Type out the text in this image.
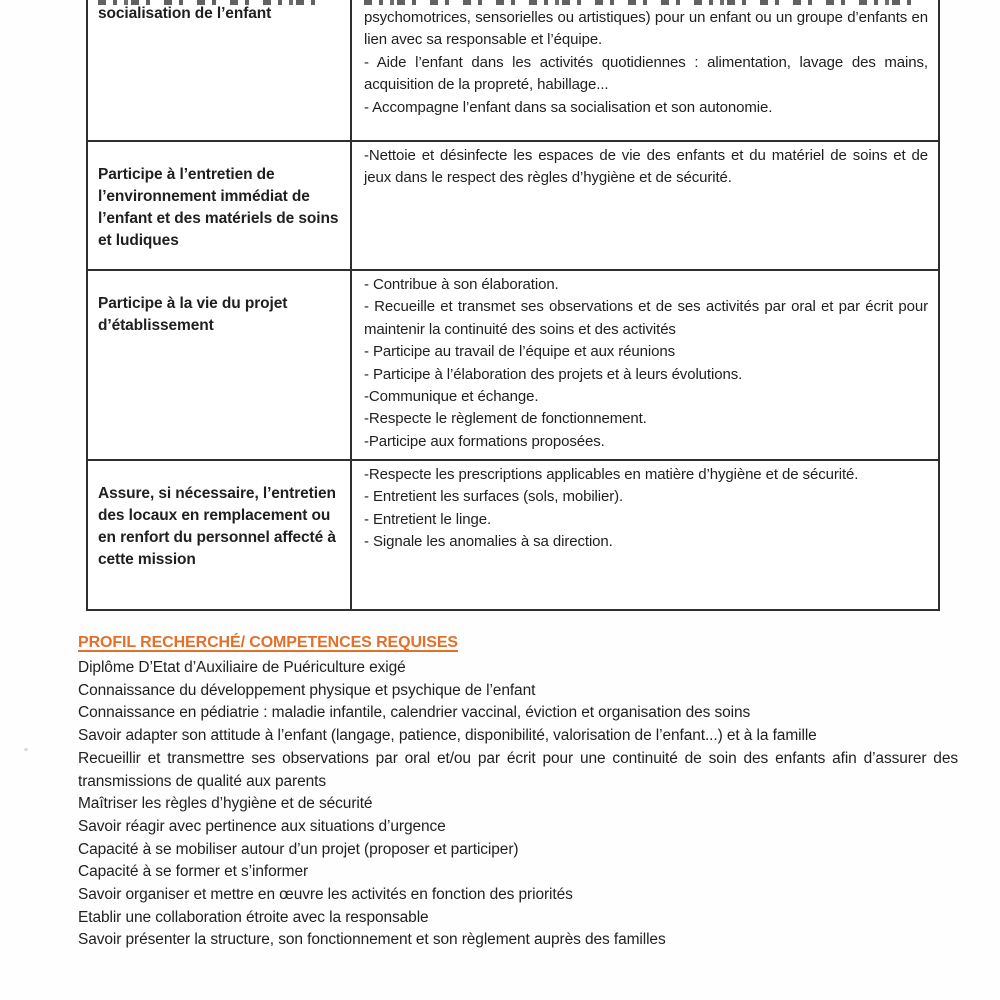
socialisation de l’enfant	psychomotrices, sensorielles ou artistiques) pour un enfant ou un groupe d’enfants en lien avec sa responsable et l’équipe.

- Aide l’enfant dans les activités quotidiennes : alimentation, lavage des mains, acquisition de la propreté, habillage...

- Accompagne l’enfant dans sa socialisation et son autonomie.

Participe à l’entretien de l’environnement immédiat de l’enfant et des matériels de soins et ludiques

-Nettoie et désinfecte les espaces de vie des enfants et du matériel de soins et de jeux dans le respect des règles d’hygiène et de sécurité.

Participe à la vie du projet d’établissement

- Contribue à son élaboration.

- Recueille et transmet ses observations et de ses activités par oral et par écrit pour maintenir la continuité des soins et des activités

- Participe au travail de l’équipe et aux réunions

- Participe à l’élaboration des projets et à leurs évolutions.

-Communique et échange.

-Respecte le règlement de fonctionnement.

-Participe aux formations proposées.

Assure, si nécessaire, l’entretien des locaux en remplacement ou en renfort du personnel affecté à cette mission

-Respecte les prescriptions applicables en matière d’hygiène et de sécurité.

- Entretient les surfaces (sols, mobilier).

- Entretient le linge.

- Signale les anomalies à sa direction.

PROFIL RECHERCHÉ/ COMPETENCES REQUISES

Diplôme D’Etat d’Auxiliaire de Puériculture exigé

Connaissance du développement physique et psychique de l’enfant

Connaissance en pédiatrie : maladie infantile, calendrier vaccinal, éviction et organisation des soins

Savoir adapter son attitude à l’enfant (langage, patience, disponibilité, valorisation de l’enfant...) et à la famille

Recueillir et transmettre ses observations par oral et/ou par écrit pour une continuité de soin des enfants afin d’assurer des transmissions de qualité aux parents

Maîtriser les règles d’hygiène et de sécurité

Savoir réagir avec pertinence aux situations d’urgence

Capacité à se mobiliser autour d’un projet (proposer et participer)

Capacité à se former et s’informer

Savoir organiser et mettre en œuvre les activités en fonction des priorités

Etablir une collaboration étroite avec la responsable

Savoir présenter la structure, son fonctionnement et son règlement auprès des familles
